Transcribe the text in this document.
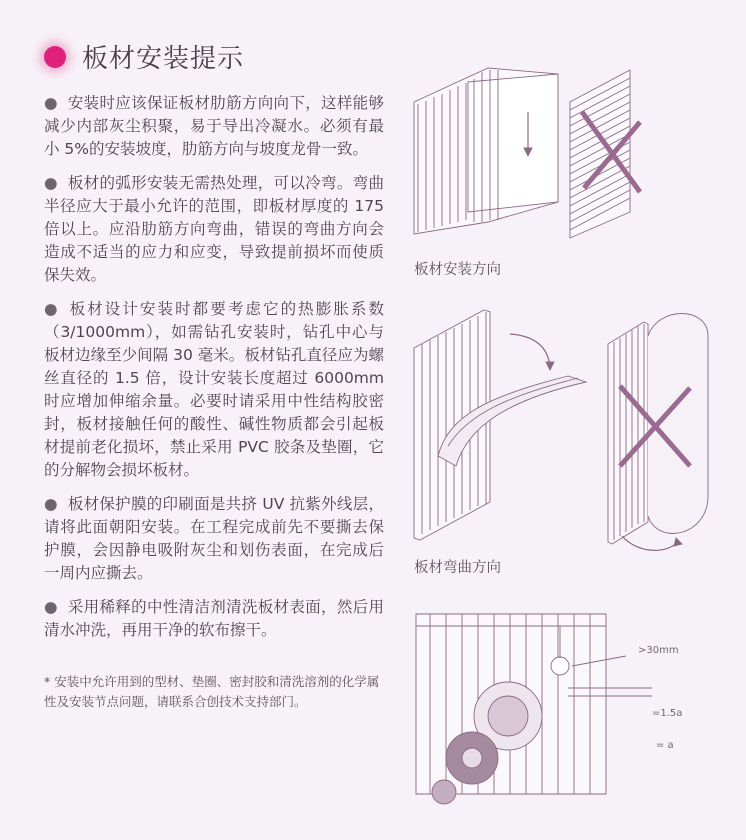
板材安装提示

● 安装时应该保证板材肋筋方向向下，这样能够减少内部灰尘积聚，易于导出冷凝水。必须有最小 5%的安装坡度，肋筋方向与坡度龙骨一致。

● 板材的弧形安装无需热处理，可以冷弯。弯曲半径应大于最小允许的范围，即板材厚度的 175 倍以上。应沿肋筋方向弯曲，错误的弯曲方向会造成不适当的应力和应变，导致提前损坏而使质保失效。

● 板材设计安装时都要考虑它的热膨胀系数（3/1000mm），如需钻孔安装时，钻孔中心与板材边缘至少间隔 30 毫米。板材钻孔直径应为螺丝直径的 1.5 倍，设计安装长度超过 6000mm 时应增加伸缩余量。必要时请采用中性结构胶密封，板材接触任何的酸性、碱性物质都会引起板材提前老化损坏，禁止采用 PVC 胶条及垫圈，它的分解物会损坏板材。

● 板材保护膜的印刷面是共挤 UV 抗紫外线层，请将此面朝阳安装。在工程完成前先不要撕去保护膜，会因静电吸附灰尘和划伤表面，在完成后一周内应撕去。

● 采用稀释的中性清洁剂清洗板材表面，然后用清水冲洗，再用干净的软布擦干。

* 安装中允许用到的型材、垫圈、密封胶和清洗溶剂的化学属性及安装节点问题，请联系合创技术支持部门。
板材安装方向
板材弯曲方向
>30mm
=1.5a
= a
